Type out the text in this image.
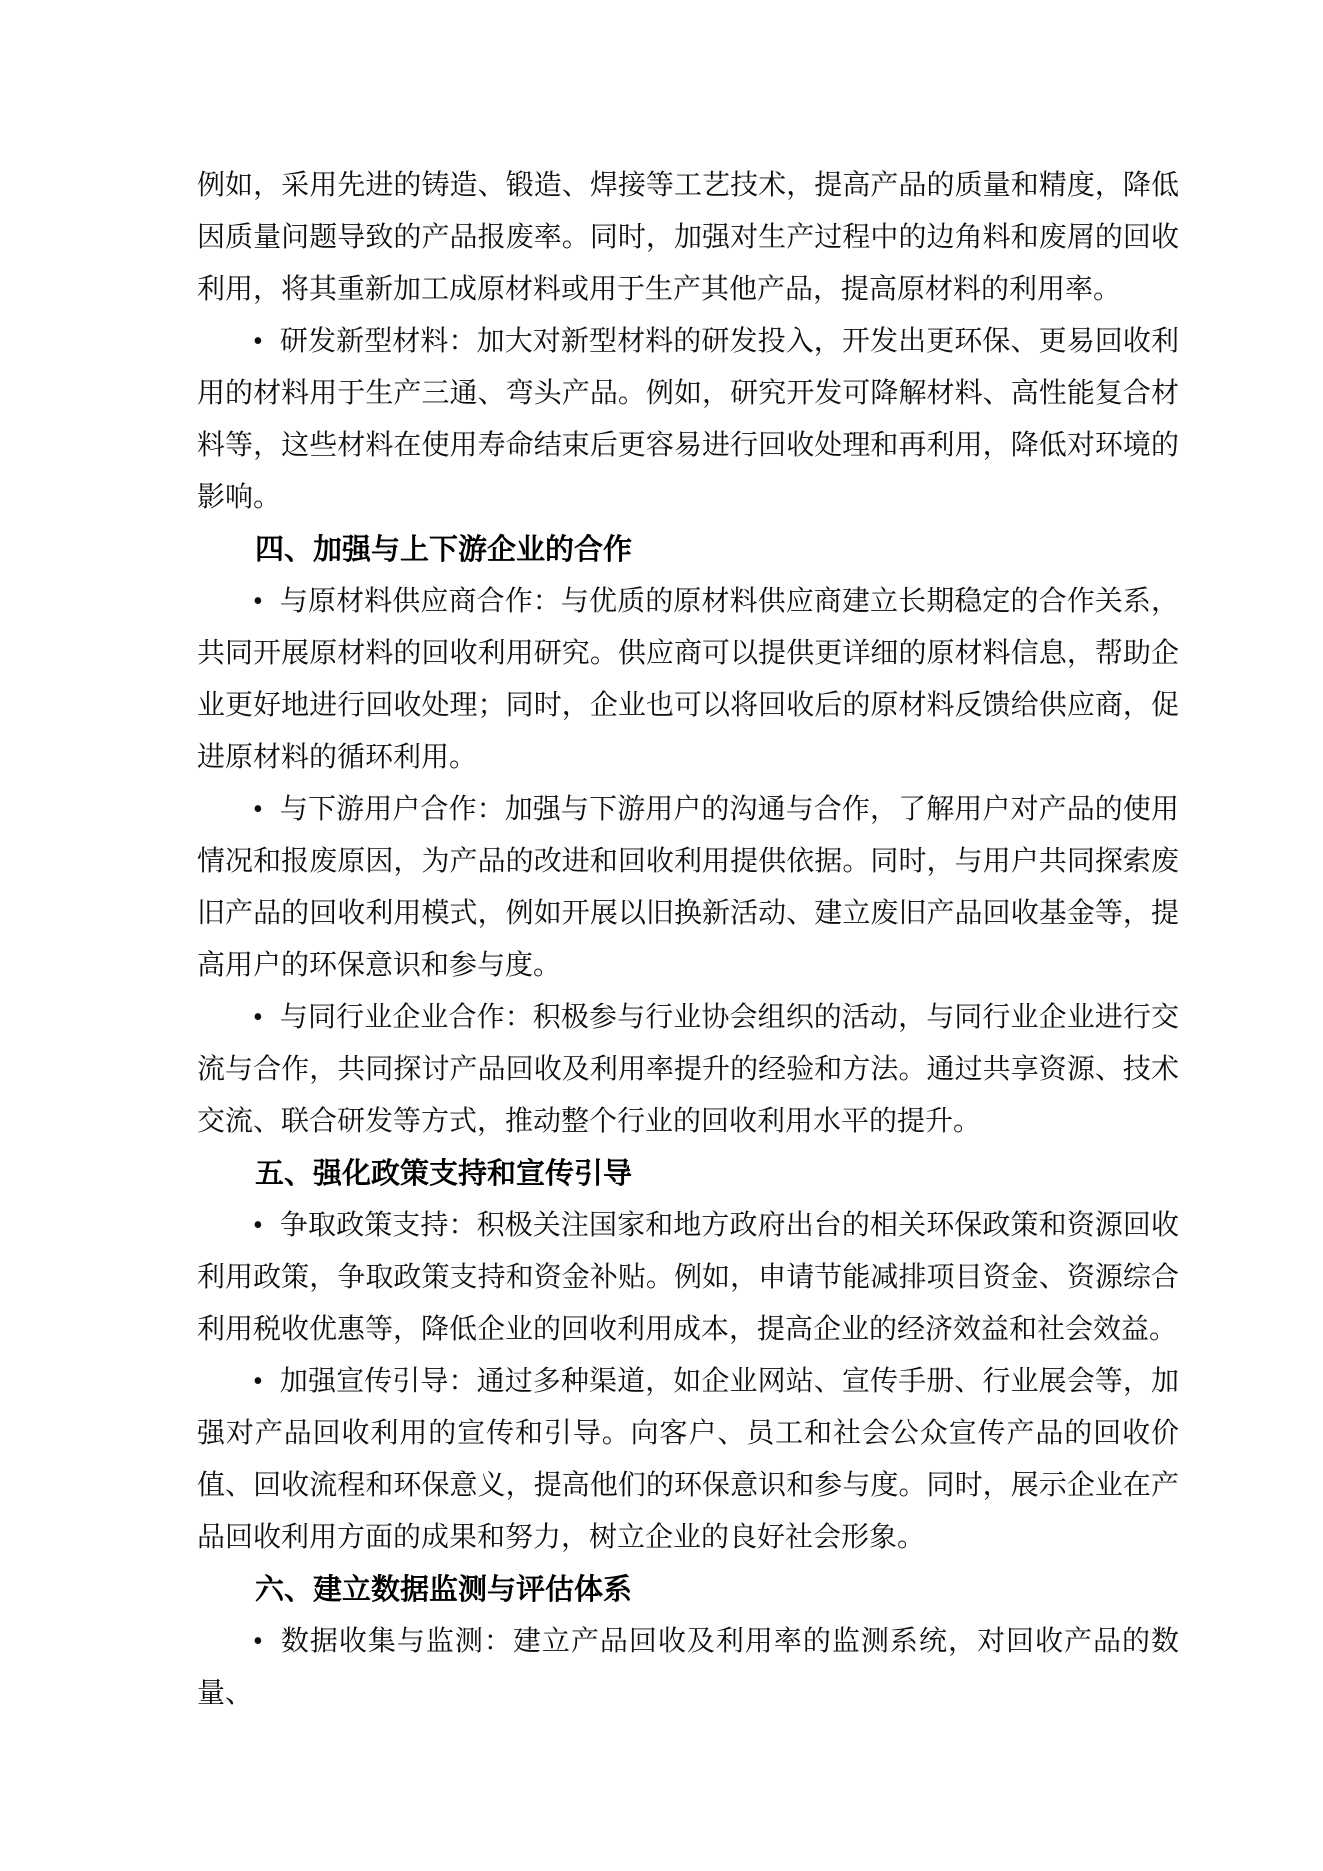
例如，采用先进的铸造、锻造、焊接等工艺技术，提高产品的质量和精度，降低因质量问题导致的产品报废率。同时，加强对生产过程中的边角料和废屑的回收利用，将其重新加工成原材料或用于生产其他产品，提高原材料的利用率。

• 研发新型材料：加大对新型材料的研发投入，开发出更环保、更易回收利用的材料用于生产三通、弯头产品。例如，研究开发可降解材料、高性能复合材料等，这些材料在使用寿命结束后更容易进行回收处理和再利用，降低对环境的影响。

四、加强与上下游企业的合作

• 与原材料供应商合作：与优质的原材料供应商建立长期稳定的合作关系，共同开展原材料的回收利用研究。供应商可以提供更详细的原材料信息，帮助企业更好地进行回收处理；同时，企业也可以将回收后的原材料反馈给供应商，促进原材料的循环利用。

• 与下游用户合作：加强与下游用户的沟通与合作，了解用户对产品的使用情况和报废原因，为产品的改进和回收利用提供依据。同时，与用户共同探索废旧产品的回收利用模式，例如开展以旧换新活动、建立废旧产品回收基金等，提高用户的环保意识和参与度。

• 与同行业企业合作：积极参与行业协会组织的活动，与同行业企业进行交流与合作，共同探讨产品回收及利用率提升的经验和方法。通过共享资源、技术交流、联合研发等方式，推动整个行业的回收利用水平的提升。

五、强化政策支持和宣传引导

• 争取政策支持：积极关注国家和地方政府出台的相关环保政策和资源回收利用政策，争取政策支持和资金补贴。例如，申请节能减排项目资金、资源综合利用税收优惠等，降低企业的回收利用成本，提高企业的经济效益和社会效益。

• 加强宣传引导：通过多种渠道，如企业网站、宣传手册、行业展会等，加强对产品回收利用的宣传和引导。向客户、员工和社会公众宣传产品的回收价值、回收流程和环保意义，提高他们的环保意识和参与度。同时，展示企业在产品回收利用方面的成果和努力，树立企业的良好社会形象。

六、建立数据监测与评估体系

• 数据收集与监测：建立产品回收及利用率的监测系统，对回收产品的数量、
